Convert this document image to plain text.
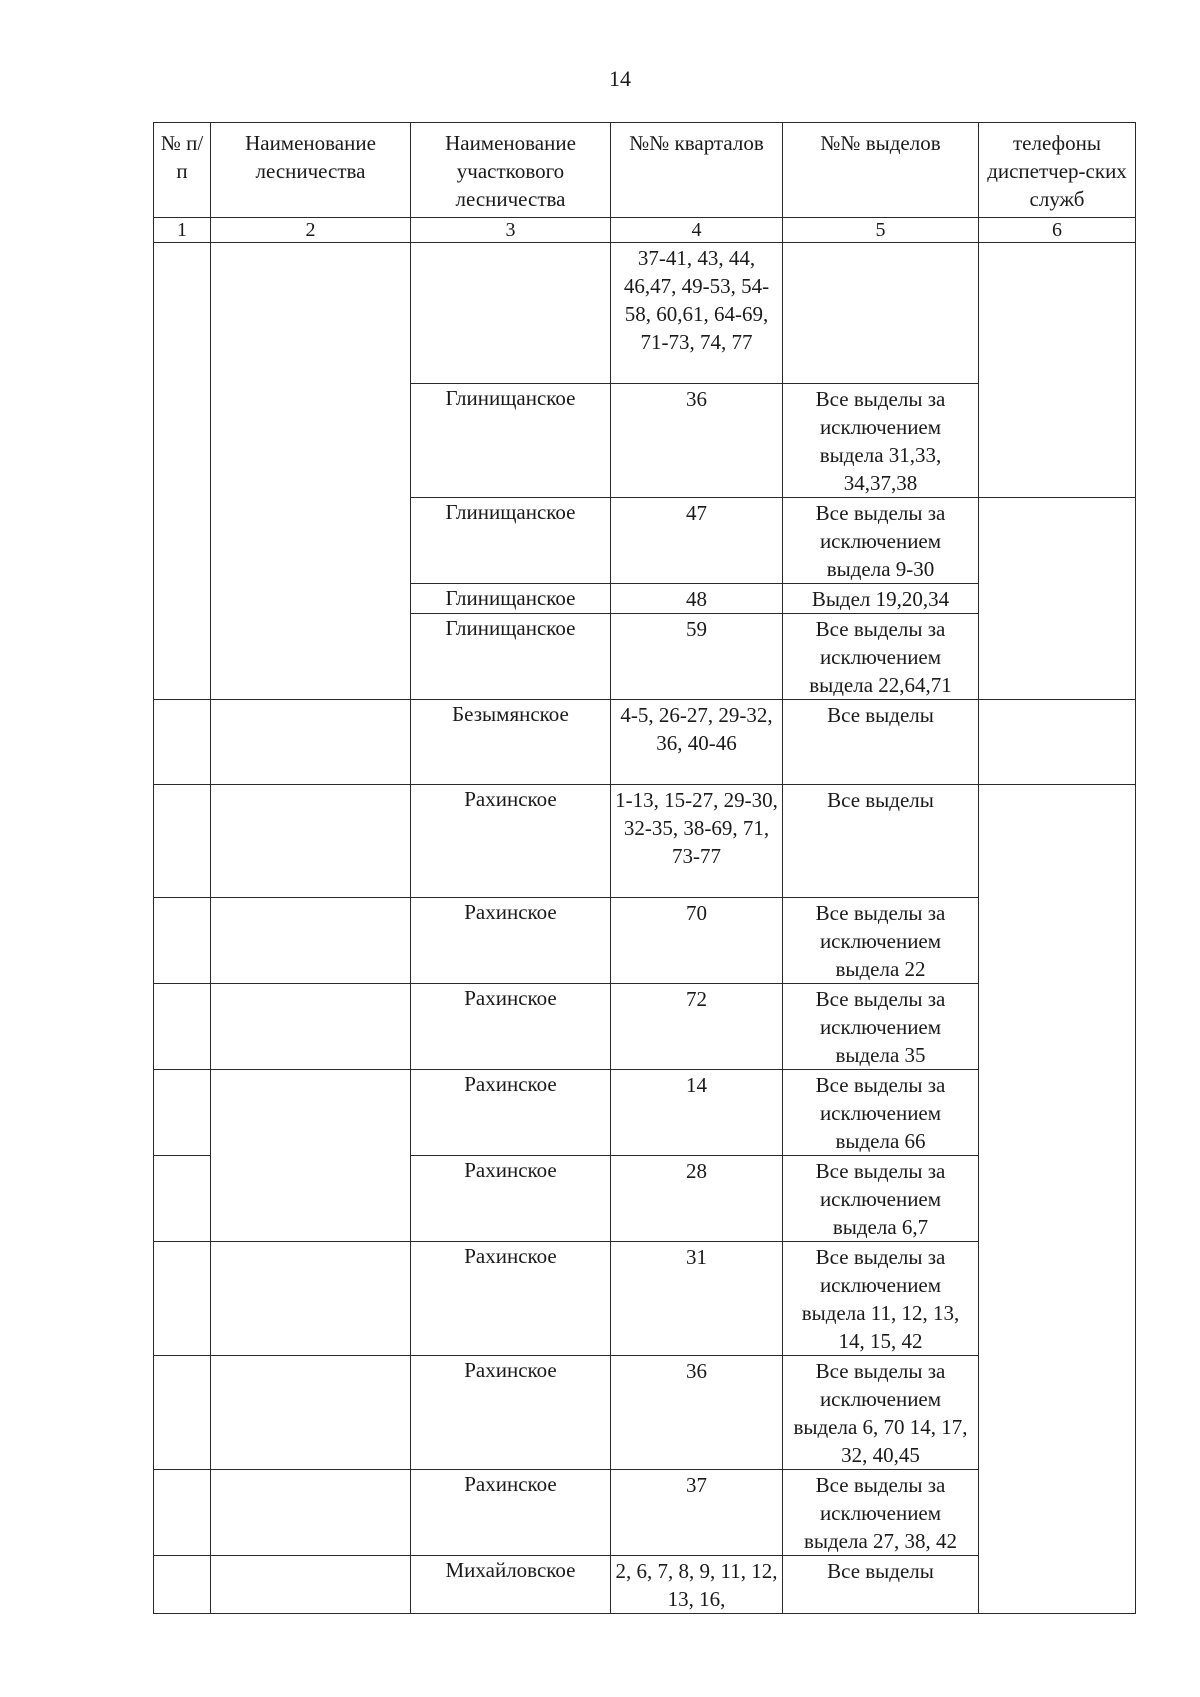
14
№ п/п	Наименование лесничества	Наименование участкового лесничества	№№ кварталов	№№ выделов	телефоны диспетчер-ских служб	
1	2	3	4	5	6	
			37-41, 43, 44, 46,47, 49-53, 54-58, 60,61, 64-69, 71-73, 74, 77			
		Глинищанское	36	Все выделы за исключением выдела 31,33, 34,37,38		
		Глинищанское	47	Все выделы за исключением выдела 9-30		
		Глинищанское	48	Выдел 19,20,34		
		Глинищанское	59	Все выделы за исключением выдела 22,64,71		
		Безымянское	4-5, 26-27, 29-32, 36, 40-46	Все выделы		
		Рахинское	1-13, 15-27, 29-30, 32-35, 38-69, 71, 73-77	Все выделы		
		Рахинское	70	Все выделы за исключением выдела 22		
		Рахинское	72	Все выделы за исключением выдела 35		
		Рахинское	14	Все выделы за исключением выдела 66		
		Рахинское	28	Все выделы за исключением выдела 6,7		
		Рахинское	31	Все выделы за исключением выдела 11, 12, 13, 14, 15, 42		
		Рахинское	36	Все выделы за исключением выдела 6, 70 14, 17, 32, 40,45		
		Рахинское	37	Все выделы за исключением выдела 27, 38, 42		
		Михайловское	2, 6, 7, 8, 9, 11, 12, 13, 16,	Все выделы		
